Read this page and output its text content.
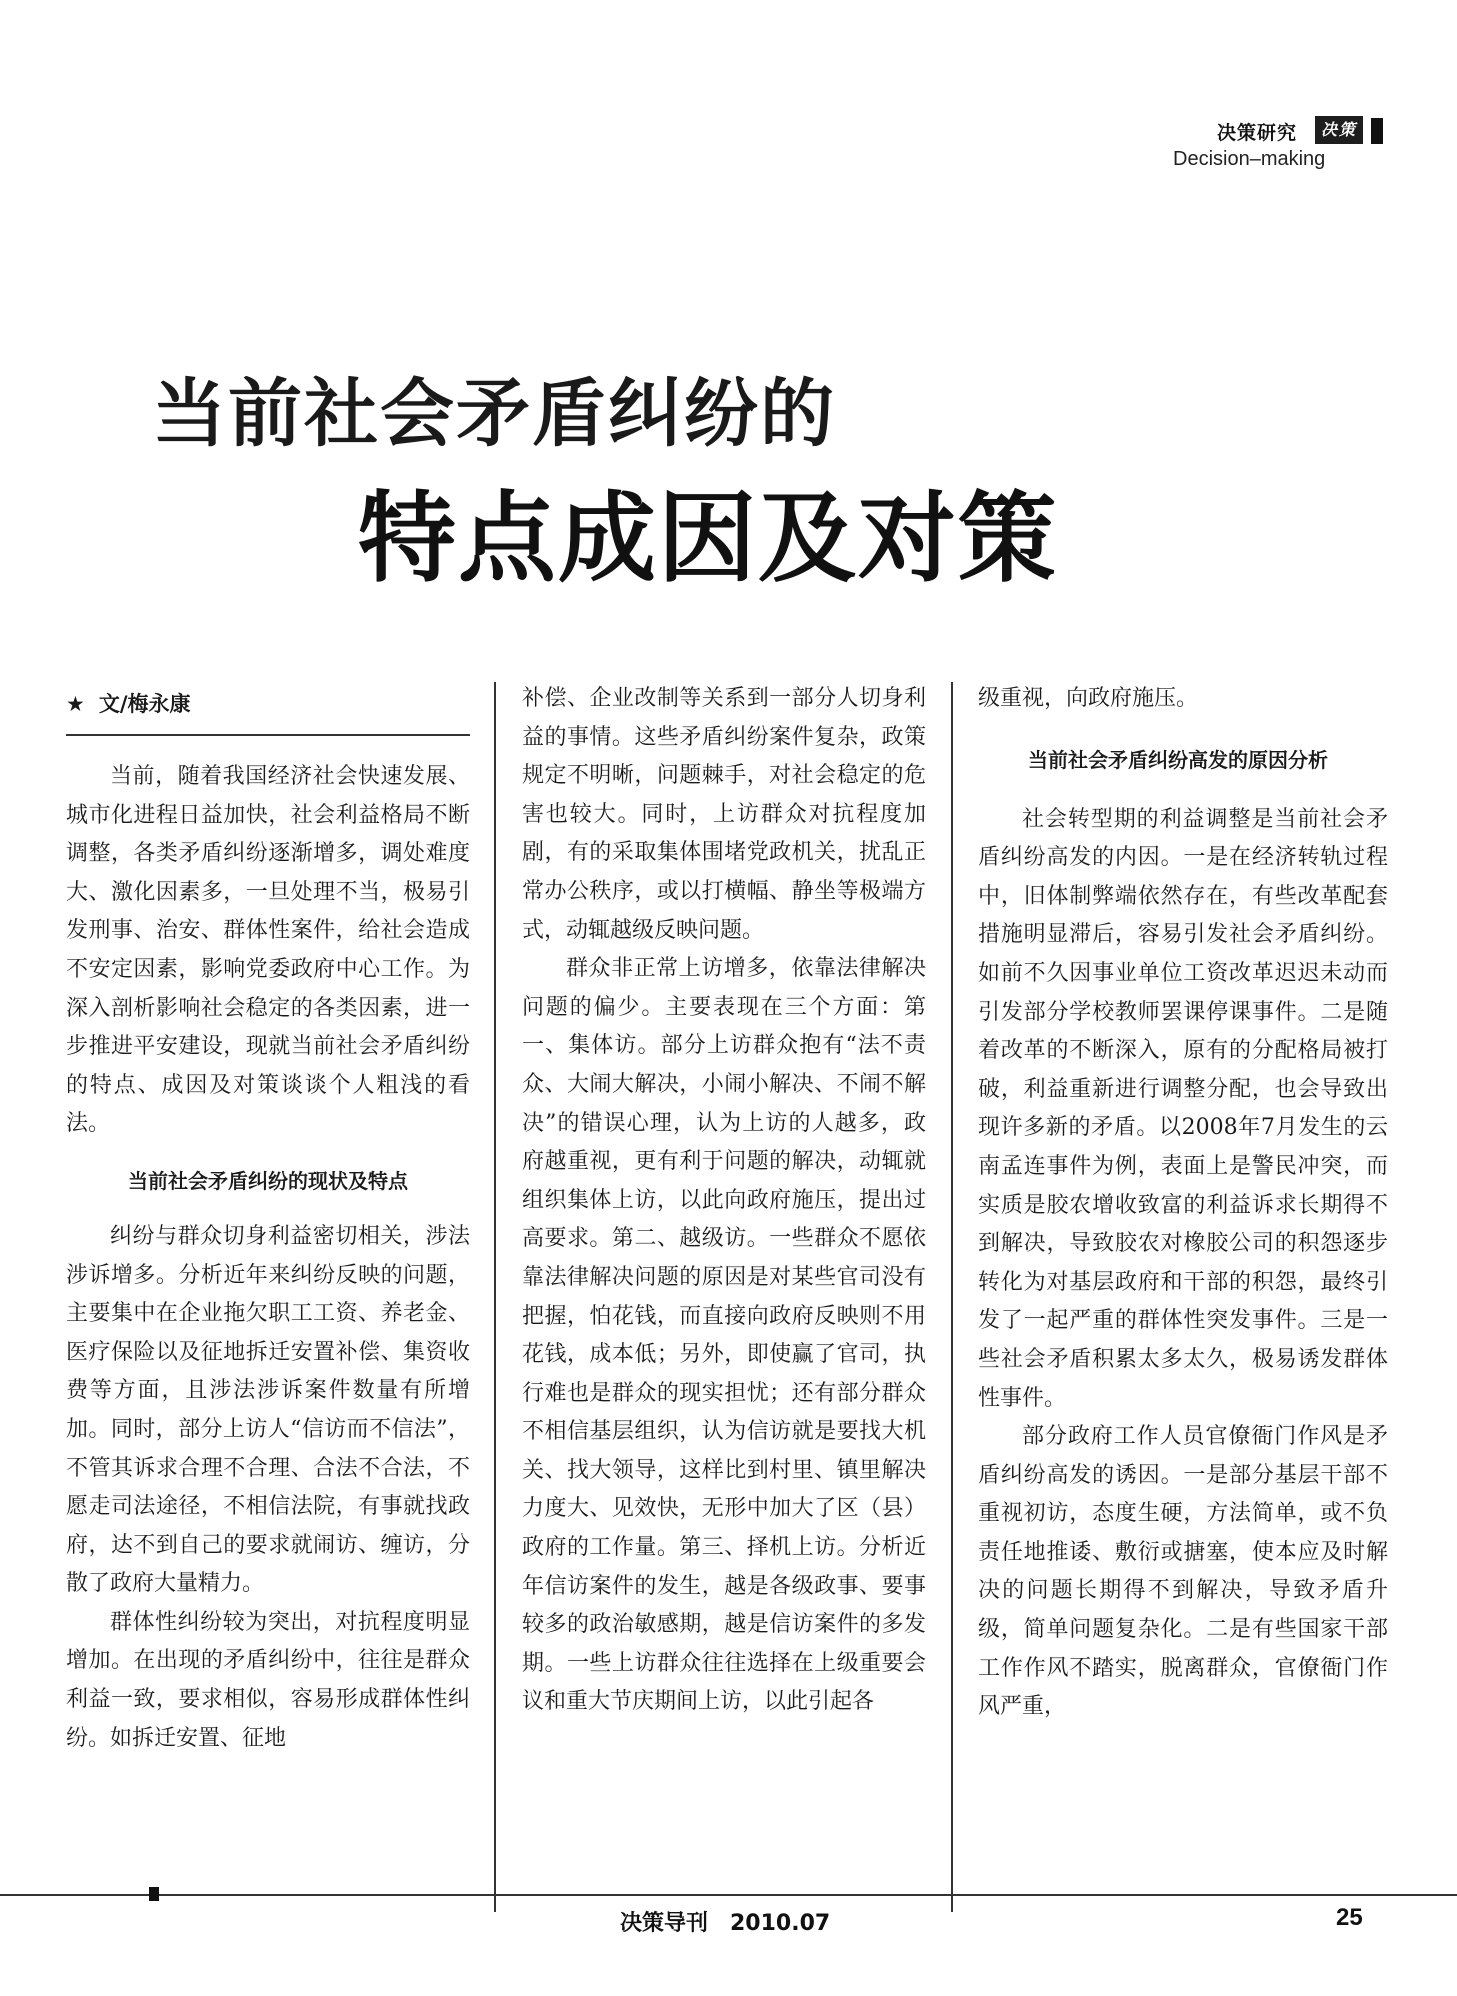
决策研究	决策
Decision–making
当前社会矛盾纠纷的
特点成因及对策
★ 文/梅永康

当前，随着我国经济社会快速发展、城市化进程日益加快，社会利益格局不断调整，各类矛盾纠纷逐渐增多，调处难度大、激化因素多，一旦处理不当，极易引发刑事、治安、群体性案件，给社会造成不安定因素，影响党委政府中心工作。为深入剖析影响社会稳定的各类因素，进一步推进平安建设，现就当前社会矛盾纠纷的特点、成因及对策谈谈个人粗浅的看法。

当前社会矛盾纠纷的现状及特点

纠纷与群众切身利益密切相关，涉法涉诉增多。分析近年来纠纷反映的问题，主要集中在企业拖欠职工工资、养老金、医疗保险以及征地拆迁安置补偿、集资收费等方面，且涉法涉诉案件数量有所增加。同时，部分上访人“信访而不信法”，不管其诉求合理不合理、合法不合法，不愿走司法途径，不相信法院，有事就找政府，达不到自己的要求就闹访、缠访，分散了政府大量精力。

群体性纠纷较为突出，对抗程度明显增加。在出现的矛盾纠纷中，往往是群众利益一致，要求相似，容易形成群体性纠纷。如拆迁安置、征地

补偿、企业改制等关系到一部分人切身利益的事情。这些矛盾纠纷案件复杂，政策规定不明晰，问题棘手，对社会稳定的危害也较大。同时，上访群众对抗程度加剧，有的采取集体围堵党政机关，扰乱正常办公秩序，或以打横幅、静坐等极端方式，动辄越级反映问题。

群众非正常上访增多，依靠法律解决问题的偏少。主要表现在三个方面：第一、集体访。部分上访群众抱有“法不责众、大闹大解决，小闹小解决、不闹不解决”的错误心理，认为上访的人越多，政府越重视，更有利于问题的解决，动辄就组织集体上访，以此向政府施压，提出过高要求。第二、越级访。一些群众不愿依靠法律解决问题的原因是对某些官司没有把握，怕花钱，而直接向政府反映则不用花钱，成本低；另外，即使赢了官司，执行难也是群众的现实担忧；还有部分群众不相信基层组织，认为信访就是要找大机关、找大领导，这样比到村里、镇里解决力度大、见效快，无形中加大了区（县）政府的工作量。第三、择机上访。分析近年信访案件的发生，越是各级政事、要事较多的政治敏感期，越是信访案件的多发期。一些上访群众往往选择在上级重要会议和重大节庆期间上访，以此引起各

级重视，向政府施压。

当前社会矛盾纠纷高发的原因分析

社会转型期的利益调整是当前社会矛盾纠纷高发的内因。一是在经济转轨过程中，旧体制弊端依然存在，有些改革配套措施明显滞后，容易引发社会矛盾纠纷。如前不久因事业单位工资改革迟迟未动而引发部分学校教师罢课停课事件。二是随着改革的不断深入，原有的分配格局被打破，利益重新进行调整分配，也会导致出现许多新的矛盾。以2008年7月发生的云南孟连事件为例，表面上是警民冲突，而实质是胶农增收致富的利益诉求长期得不到解决，导致胶农对橡胶公司的积怨逐步转化为对基层政府和干部的积怨，最终引发了一起严重的群体性突发事件。三是一些社会矛盾积累太多太久，极易诱发群体性事件。

部分政府工作人员官僚衙门作风是矛盾纠纷高发的诱因。一是部分基层干部不重视初访，态度生硬，方法简单，或不负责任地推诿、敷衍或搪塞，使本应及时解决的问题长期得不到解决，导致矛盾升级，简单问题复杂化。二是有些国家干部工作作风不踏实，脱离群众，官僚衙门作风严重，

决策导刊　2010.07	25
